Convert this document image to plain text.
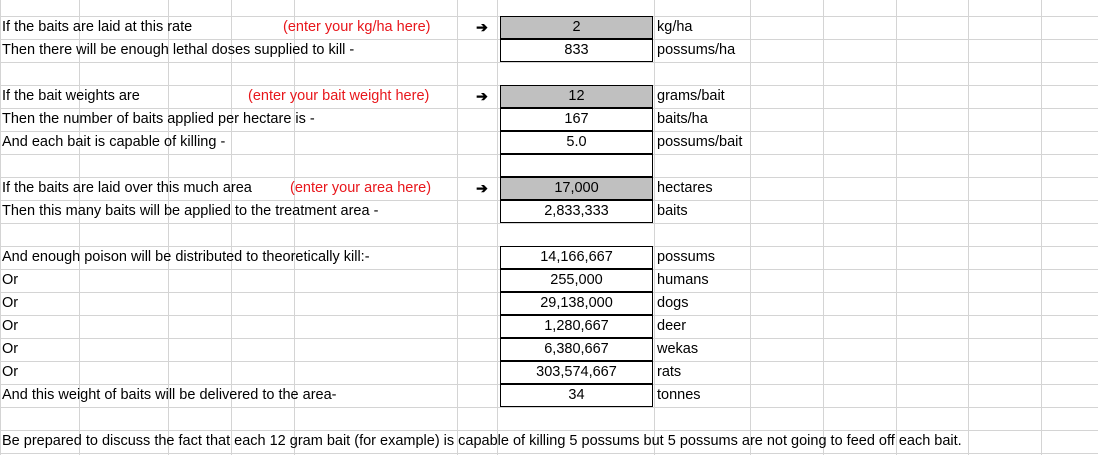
If the baits are laid at this rate	(enter your kg/ha here)	➔	2	kg/ha
Then there will be enough lethal doses supplied to kill -	833	possums/ha
If the bait weights are	(enter your bait weight here)	➔	12	grams/bait
Then the number of baits applied per hectare is -	167	baits/ha
And each bait is capable of killing -	5.0	possums/bait
If the baits are laid over this much area	(enter your area here)	➔	17,000	hectares
Then this many baits will be applied to the treatment area -	2,833,333	baits
And enough poison will be distributed to theoretically kill:-	14,166,667	possums
Or	255,000	humans
Or	29,138,000	dogs
Or	1,280,667	deer
Or	6,380,667	wekas
Or	303,574,667	rats
And this weight of baits will be delivered to the area-	34	tonnes
Be prepared to discuss the fact that each 12 gram bait (for example) is capable of killing 5 possums but 5 possums are not going to feed off each bait.
